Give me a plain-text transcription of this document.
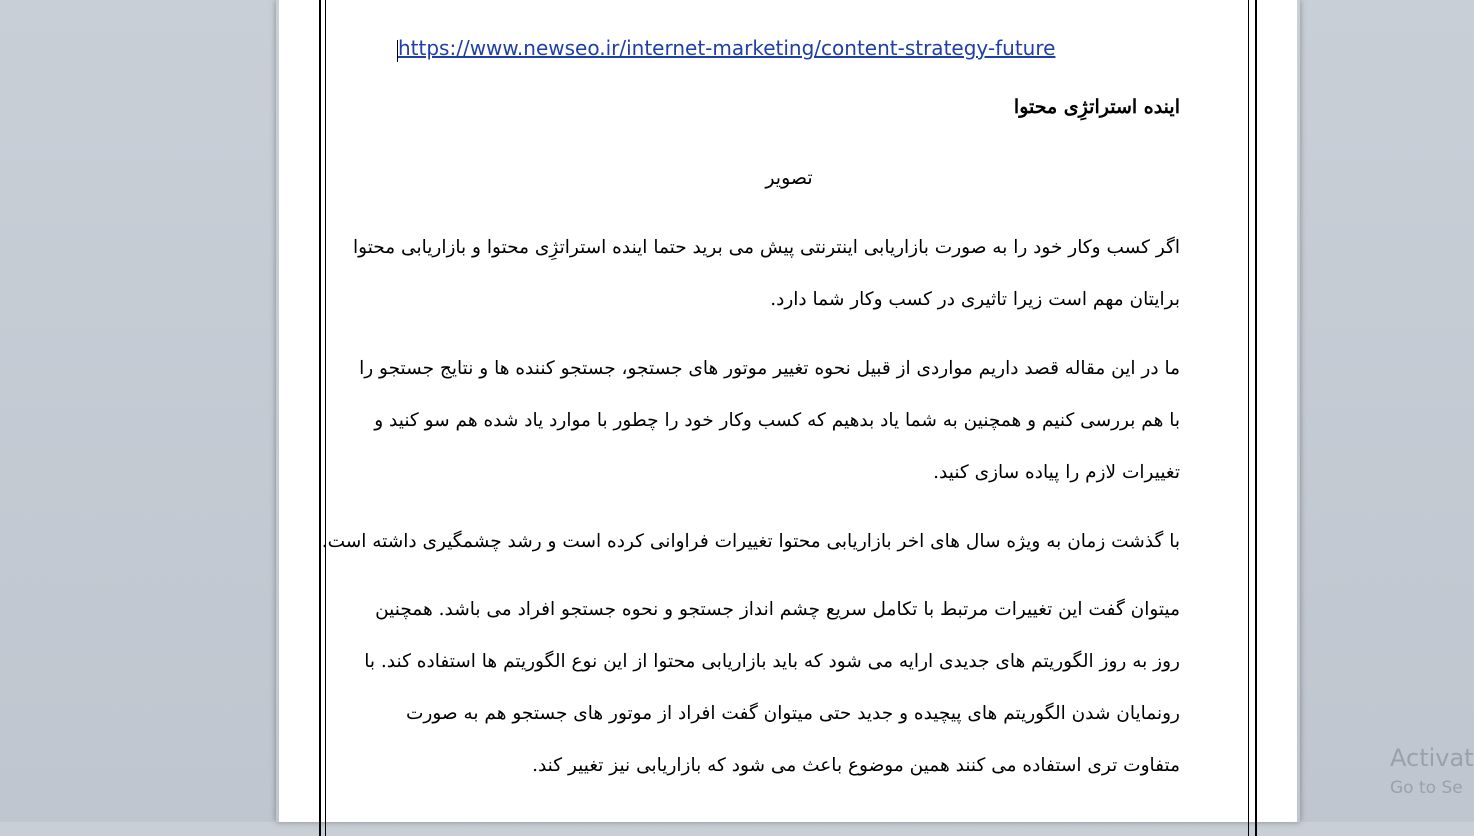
https://www.newseo.ir/internet-marketing/content-strategy-future
اینده استراتژِی محتوا
تصویر
اگر کسب وکار خود را به صورت بازاریابی اینترنتی پیش می برید حتما اینده استراتژِی محتوا و بازاریابی محتوا
برایتان مهم است زیرا تاثیری در کسب وکار شما دارد.
ما در این مقاله قصد داریم مواردی از قبیل نحوه تغییر موتور های جستجو، جستجو کننده ها و نتایج جستجو را
با هم بررسی کنیم و همچنین به شما یاد بدهیم که کسب وکار خود را چطور با موارد یاد شده هم سو کنید و
تغییرات لازم را پیاده سازی کنید.
با گذشت زمان به ویژه سال های اخر بازاریابی محتوا تغییرات فراوانی کرده است و رشد چشمگیری داشته است.
میتوان گفت این تغییرات مرتبط با تکامل سریع چشم انداز جستجو و نحوه جستجو افراد می باشد. همچنین
روز به روز الگوریتم های جدیدی ارایه می شود که باید بازاریابی محتوا از این نوع الگوریتم ها استفاده کند. با
رونمایان شدن الگوریتم های پیچیده و جدید حتی میتوان گفت افراد از موتور های جستجو هم به صورت
متفاوت تری استفاده می کنند همین موضوع باعث می شود که بازاریابی نیز تغییر کند.	Activat
Go to Se
